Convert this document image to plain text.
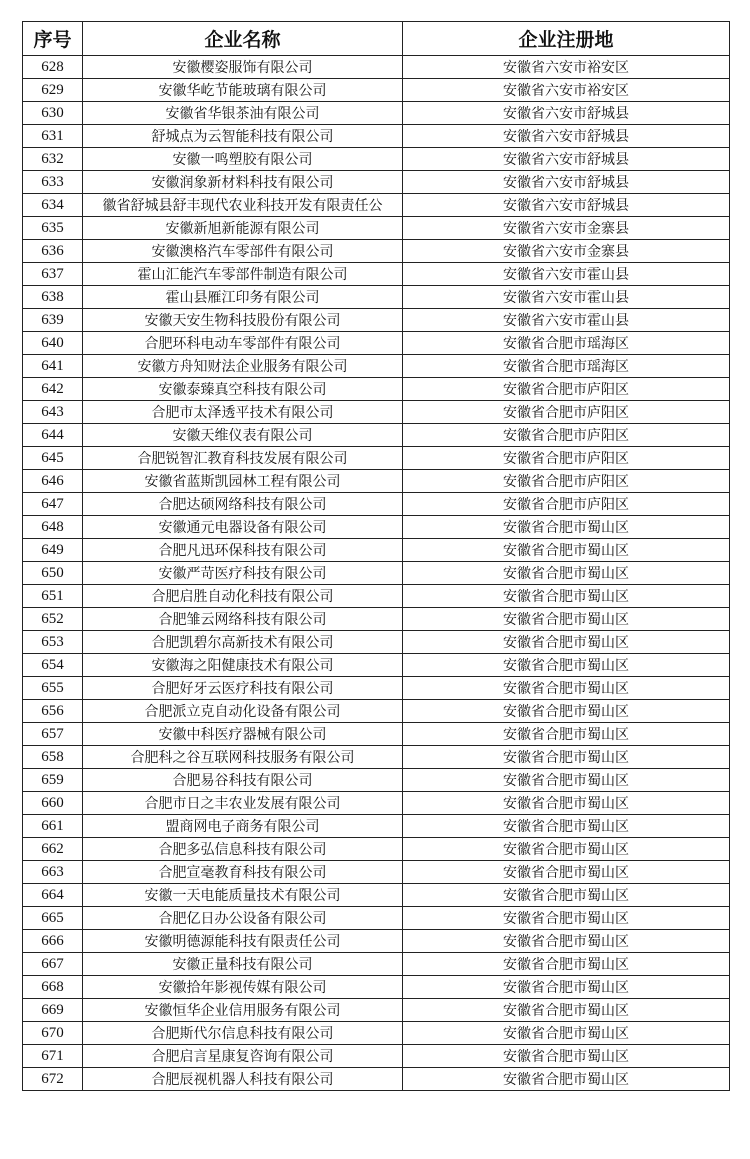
序号	企业名称	企业注册地
628	安徽樱姿服饰有限公司	安徽省六安市裕安区
629	安徽华屹节能玻璃有限公司	安徽省六安市裕安区
630	安徽省华银茶油有限公司	安徽省六安市舒城县
631	舒城点为云智能科技有限公司	安徽省六安市舒城县
632	安徽一鸣塑胶有限公司	安徽省六安市舒城县
633	安徽润象新材料科技有限公司	安徽省六安市舒城县
634	徽省舒城县舒丰现代农业科技开发有限责任公	安徽省六安市舒城县
635	安徽新旭新能源有限公司	安徽省六安市金寨县
636	安徽澳格汽车零部件有限公司	安徽省六安市金寨县
637	霍山汇能汽车零部件制造有限公司	安徽省六安市霍山县
638	霍山县雁江印务有限公司	安徽省六安市霍山县
639	安徽天安生物科技股份有限公司	安徽省六安市霍山县
640	合肥环科电动车零部件有限公司	安徽省合肥市瑶海区
641	安徽方舟知财法企业服务有限公司	安徽省合肥市瑶海区
642	安徽泰臻真空科技有限公司	安徽省合肥市庐阳区
643	合肥市太泽透平技术有限公司	安徽省合肥市庐阳区
644	安徽天维仪表有限公司	安徽省合肥市庐阳区
645	合肥锐智汇教育科技发展有限公司	安徽省合肥市庐阳区
646	安徽省蓝斯凯园林工程有限公司	安徽省合肥市庐阳区
647	合肥达硕网络科技有限公司	安徽省合肥市庐阳区
648	安徽通元电器设备有限公司	安徽省合肥市蜀山区
649	合肥凡迅环保科技有限公司	安徽省合肥市蜀山区
650	安徽严苛医疗科技有限公司	安徽省合肥市蜀山区
651	合肥启胜自动化科技有限公司	安徽省合肥市蜀山区
652	合肥雏云网络科技有限公司	安徽省合肥市蜀山区
653	合肥凯碧尔高新技术有限公司	安徽省合肥市蜀山区
654	安徽海之阳健康技术有限公司	安徽省合肥市蜀山区
655	合肥好牙云医疗科技有限公司	安徽省合肥市蜀山区
656	合肥派立克自动化设备有限公司	安徽省合肥市蜀山区
657	安徽中科医疗器械有限公司	安徽省合肥市蜀山区
658	合肥科之谷互联网科技服务有限公司	安徽省合肥市蜀山区
659	合肥易谷科技有限公司	安徽省合肥市蜀山区
660	合肥市日之丰农业发展有限公司	安徽省合肥市蜀山区
661	盟商网电子商务有限公司	安徽省合肥市蜀山区
662	合肥多弘信息科技有限公司	安徽省合肥市蜀山区
663	合肥宣毫教育科技有限公司	安徽省合肥市蜀山区
664	安徽一天电能质量技术有限公司	安徽省合肥市蜀山区
665	合肥亿日办公设备有限公司	安徽省合肥市蜀山区
666	安徽明德源能科技有限责任公司	安徽省合肥市蜀山区
667	安徽正量科技有限公司	安徽省合肥市蜀山区
668	安徽拾年影视传媒有限公司	安徽省合肥市蜀山区
669	安徽恒华企业信用服务有限公司	安徽省合肥市蜀山区
670	合肥斯代尔信息科技有限公司	安徽省合肥市蜀山区
671	合肥启言星康复咨询有限公司	安徽省合肥市蜀山区
672	合肥辰视机器人科技有限公司	安徽省合肥市蜀山区
